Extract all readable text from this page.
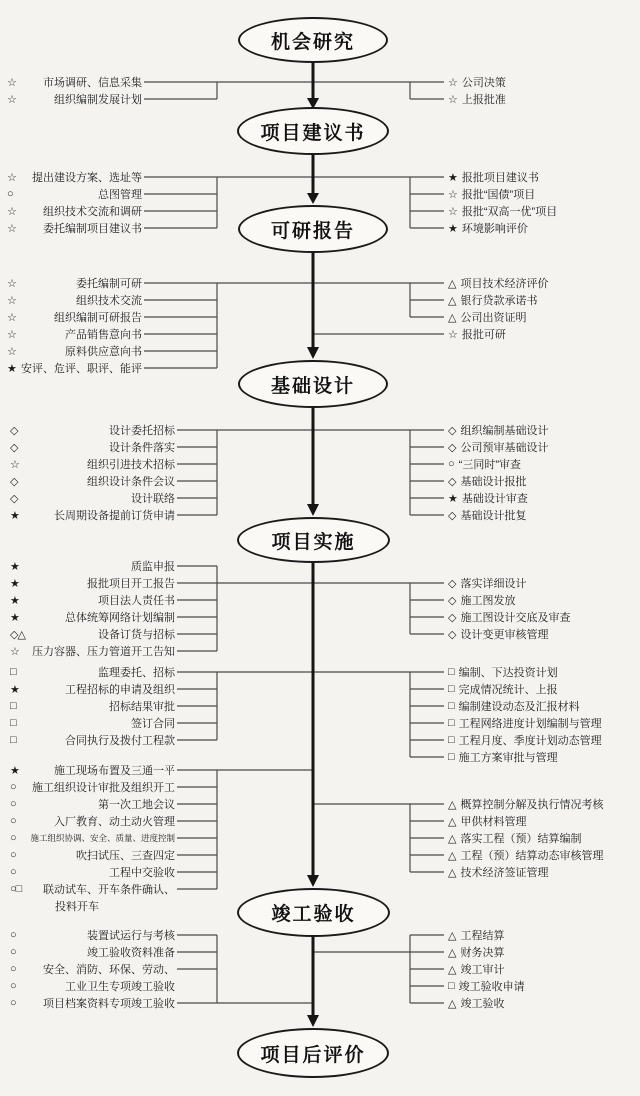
机会研究
项目建议书
可研报告
基础设计
项目实施
竣工验收
项目后评价
☆ 市场调研、信息采集
☆	组织编制发展计划
☆ 公司决策
☆ 上报批准
☆ 提出建设方案、选址等
○	总图管理
☆ 组织技术交流和调研
☆ 委托编制项目建议书
★ 报批项目建议书
☆ 报批“国债”项目
☆ 报批“双高一优”项目
★ 环境影响评价
☆	委托编制可研
☆	组织技术交流
☆	组织编制可研报告
☆	产品销售意向书
☆	原料供应意向书
★ 安评、危评、职评、能评
△ 项目技术经济评价
△ 银行贷款承诺书
△ 公司出资证明
☆ 报批可研
◇	设计委托招标
◇	设计条件落实
☆	组织引进技术招标
◇	组织设计条件会议
◇	设计联络
★	长周期设备提前订货申请
◇ 组织编制基础设计
◇ 公司预审基础设计
○ “三同时”审查
◇ 基础设计报批
★ 基础设计审查
◇ 基础设计批复
★	质监申报
★	报批项目开工报告
★	项目法人责任书
★	总体统筹网络计划编制
◇△	设备订货与招标
☆ 压力容器、压力管道开工告知
◇ 落实详细设计
◇ 施工图发放
◇ 施工图设计交底及审查
◇ 设计变更审核管理
□	监理委托、招标
★	工程招标的申请及组织
□	招标结果审批
□	签订合同
□	合同执行及拨付工程款
□ 编制、下达投资计划
□ 完成情况统计、上报
□ 编制建设动态及汇报材料
□ 工程网络进度计划编制与管理
□ 工程月度、季度计划动态管理
□ 施工方案审批与管理
★	施工现场布置及三通一平
○ 施工组织设计审批及组织开工
○	第一次工地会议
○	入厂教育、动土动火管理
○ 施工组织协调、安全、质量、进度控制
○	吹扫试压、三查四定
○	工程中交验收
○□ 联动试车、开车条件确认、
投料开车
△ 概算控制分解及执行情况考核
△ 甲供材料管理
△ 落实工程（预）结算编制
△ 工程（预）结算动态审核管理
△ 技术经济签证管理
○	装置试运行与考核
○	竣工验收资料准备
○ 安全、消防、环保、劳动、
○	工业卫生专项竣工验收
○ 项目档案资料专项竣工验收
△ 工程结算
△ 财务决算
△ 竣工审计
□ 竣工验收申请
△ 竣工验收
